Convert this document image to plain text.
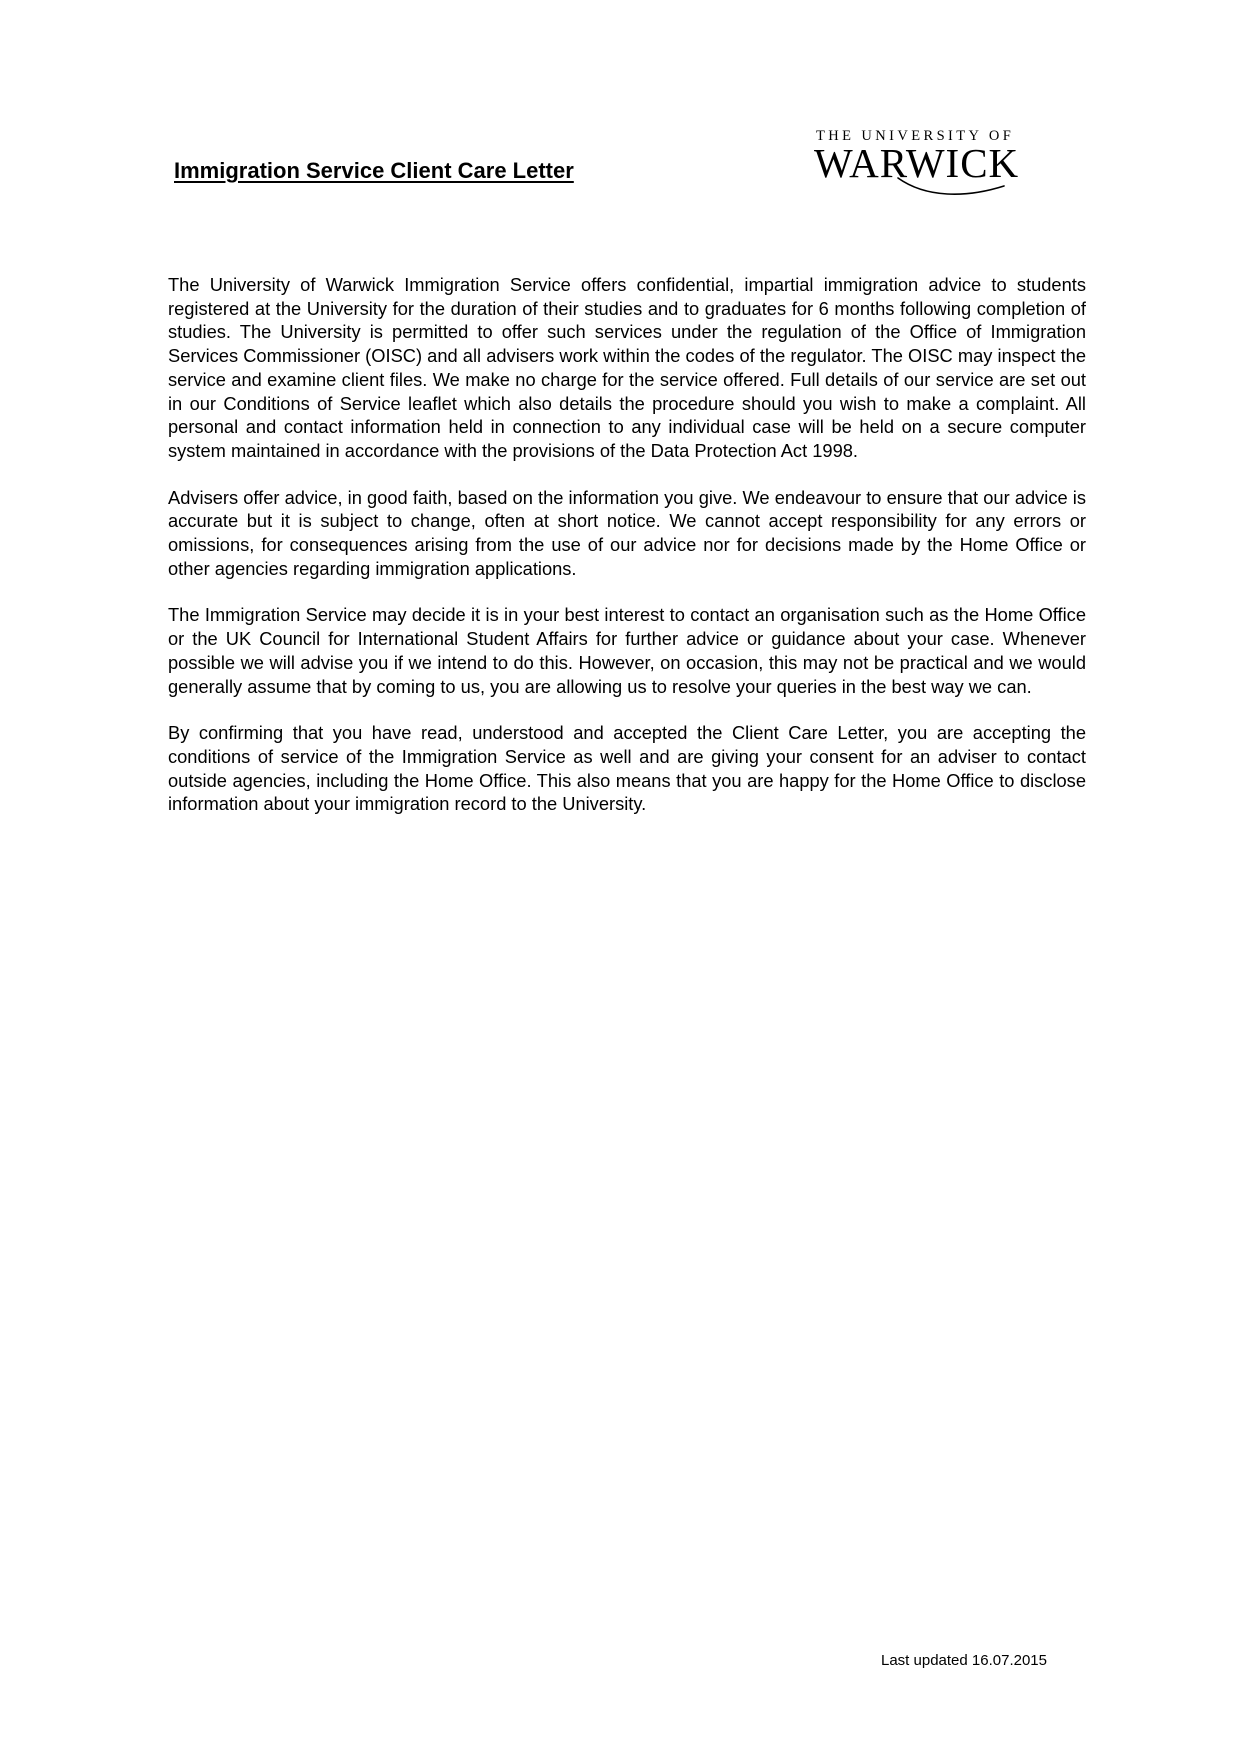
Immigration Service Client Care Letter
THE UNIVERSITY OF
WARWICK

The University of Warwick Immigration Service offers confidential, impartial immigration advice to students registered at the University for the duration of their studies and to graduates for 6 months following completion of studies. The University is permitted to offer such services under the regulation of the Office of Immigration Services Commissioner (OISC) and all advisers work within the codes of the regulator. The OISC may inspect the service and examine client files. We make no charge for the service offered. Full details of our service are set out in our Conditions of Service leaflet which also details the procedure should you wish to make a complaint. All personal and contact information held in connection to any individual case will be held on a secure computer system maintained in accordance with the provisions of the Data Protection Act 1998.

Advisers offer advice, in good faith, based on the information you give. We endeavour to ensure that our advice is accurate but it is subject to change, often at short notice. We cannot accept responsibility for any errors or omissions, for consequences arising from the use of our advice nor for decisions made by the Home Office or other agencies regarding immigration applications.

The Immigration Service may decide it is in your best interest to contact an organisation such as the Home Office or the UK Council for International Student Affairs for further advice or guidance about your case. Whenever possible we will advise you if we intend to do this. However, on occasion, this may not be practical and we would generally assume that by coming to us, you are allowing us to resolve your queries in the best way we can.

By confirming that you have read, understood and accepted the Client Care Letter, you are accepting the conditions of service of the Immigration Service as well and are giving your consent for an adviser to contact outside agencies, including the Home Office. This also means that you are happy for the Home Office to disclose information about your immigration record to the University.

Last updated 16.07.2015
